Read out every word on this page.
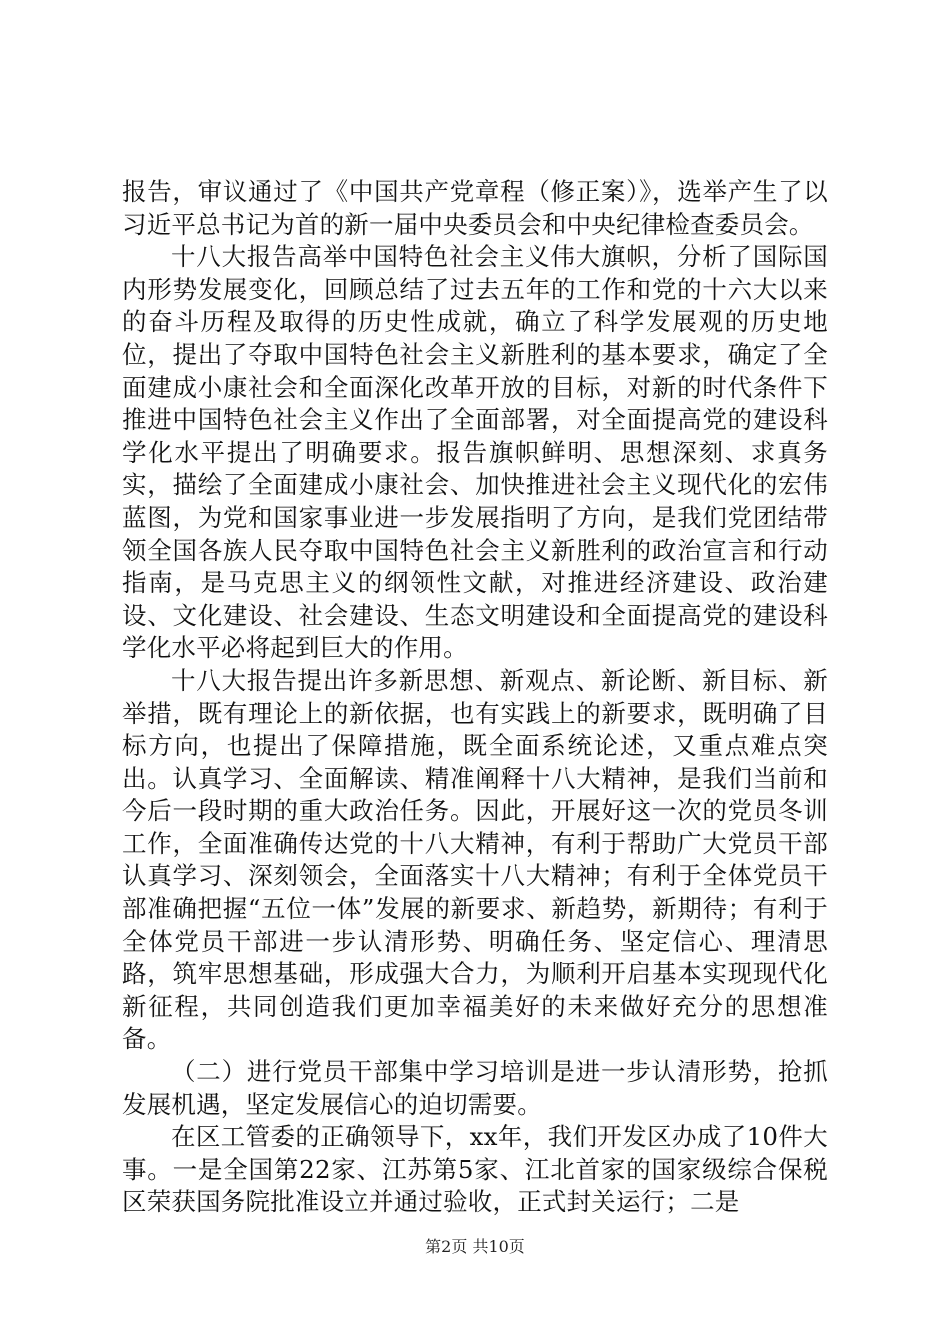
报告，审议通过了《中国共产党章程（修正案）》，选举产生了以习近平总书记为首的新一届中央委员会和中央纪律检查委员会。

十八大报告高举中国特色社会主义伟大旗帜，分析了国际国内形势发展变化，回顾总结了过去五年的工作和党的十六大以来的奋斗历程及取得的历史性成就，确立了科学发展观的历史地位，提出了夺取中国特色社会主义新胜利的基本要求，确定了全面建成小康社会和全面深化改革开放的目标，对新的时代条件下推进中国特色社会主义作出了全面部署，对全面提高党的建设科学化水平提出了明确要求。报告旗帜鲜明、思想深刻、求真务实，描绘了全面建成小康社会、加快推进社会主义现代化的宏伟蓝图，为党和国家事业进一步发展指明了方向，是我们党团结带领全国各族人民夺取中国特色社会主义新胜利的政治宣言和行动指南，是马克思主义的纲领性文献，对推进经济建设、政治建设、文化建设、社会建设、生态文明建设和全面提高党的建设科学化水平必将起到巨大的作用。

十八大报告提出许多新思想、新观点、新论断、新目标、新举措，既有理论上的新依据，也有实践上的新要求，既明确了目标方向，也提出了保障措施，既全面系统论述，又重点难点突出。认真学习、全面解读、精准阐释十八大精神，是我们当前和今后一段时期的重大政治任务。因此，开展好这一次的党员冬训工作，全面准确传达党的十八大精神，有利于帮助广大党员干部认真学习、深刻领会，全面落实十八大精神；有利于全体党员干部准确把握“五位一体”发展的新要求、新趋势，新期待；有利于全体党员干部进一步认清形势、明确任务、坚定信心、理清思路，筑牢思想基础，形成强大合力，为顺利开启基本实现现代化新征程，共同创造我们更加幸福美好的未来做好充分的思想准备。

（二）进行党员干部集中学习培训是进一步认清形势，抢抓发展机遇，坚定发展信心的迫切需要。

在区工管委的正确领导下，xx年，我们开发区办成了10件大事。一是全国第22家、江苏第5家、江北首家的国家级综合保税区荣获国务院批准设立并通过验收，正式封关运行；二是

第2页 共10页
